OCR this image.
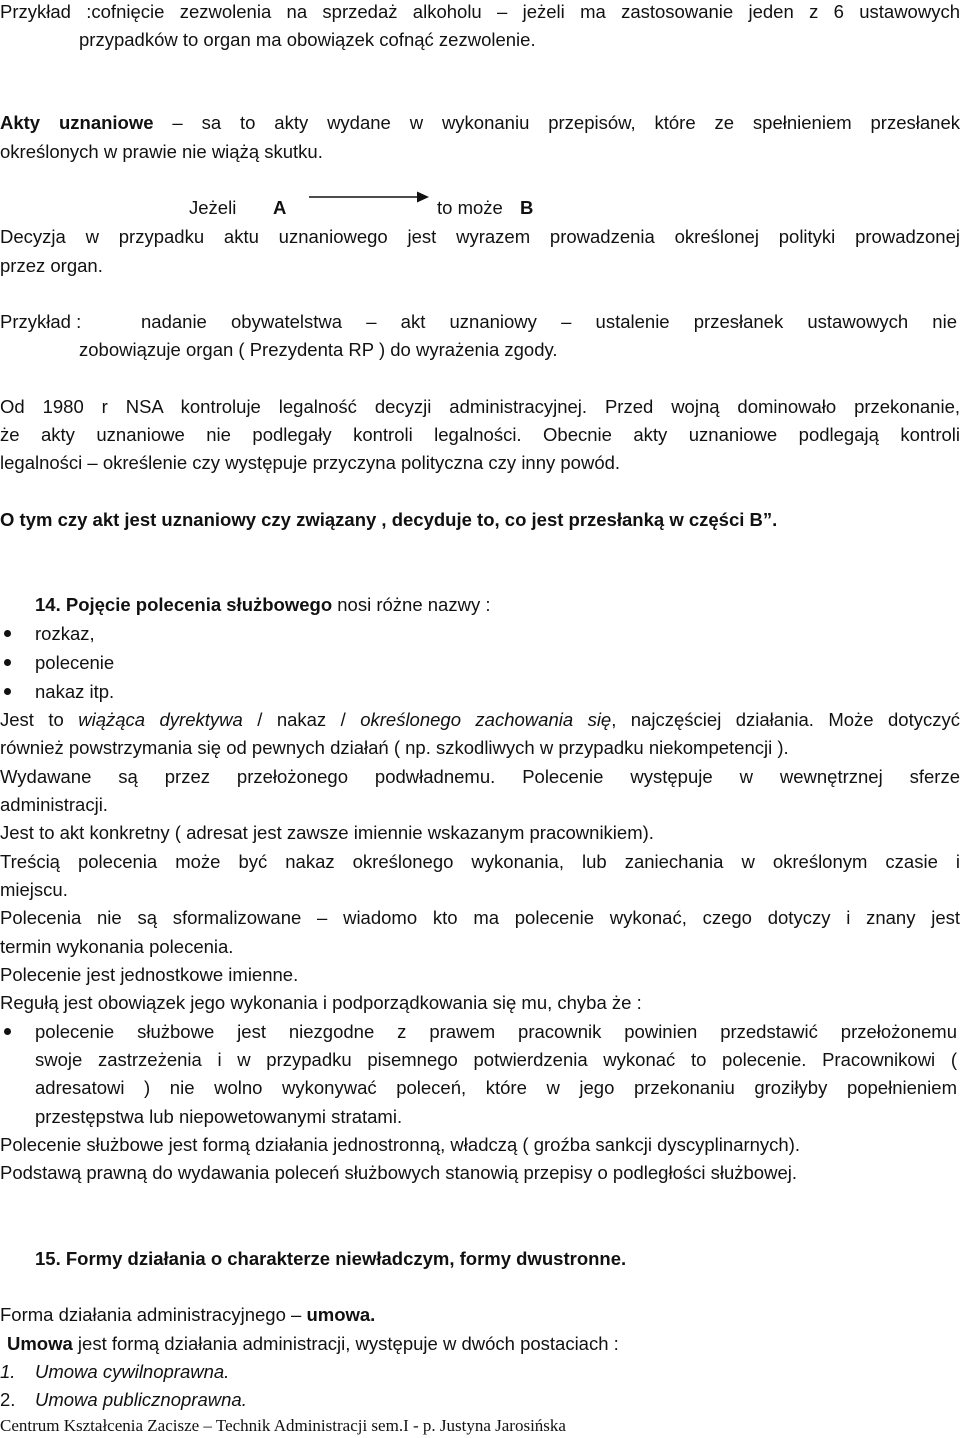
Przykład :cofnięcie zezwolenia na sprzedaż alkoholu – jeżeli ma zastosowanie jeden z 6 ustawowych
przypadków to organ ma obowiązek cofnąć zezwolenie.
Akty uznaniowe – sa to akty wydane w wykonaniu przepisów, które ze spełnieniem przesłanek
określonych w prawie nie wiążą skutku.
Jeżeli A	to może B
Decyzja w przypadku aktu uznaniowego jest wyrazem prowadzenia określonej polityki prowadzonej
przez organ.
Przykład :	nadanie obywatelstwa – akt uznaniowy – ustalenie przesłanek ustawowych nie
zobowiązuje organ ( Prezydenta RP ) do wyrażenia zgody.
Od 1980 r NSA kontroluje legalność decyzji administracyjnej. Przed wojną dominowało przekonanie,
że akty uznaniowe nie podlegały kontroli legalności. Obecnie akty uznaniowe podlegają kontroli
legalności – określenie czy występuje przyczyna polityczna czy inny powód.
O tym czy akt jest uznaniowy czy związany , decyduje to, co jest przesłanką w części B”.
14. Pojęcie polecenia służbowego nosi różne nazwy :
rozkaz,
polecenie
nakaz itp.
Jest to wiążąca dyrektywa / nakaz / określonego zachowania się, najczęściej działania. Może dotyczyć
również powstrzymania się od pewnych działań ( np. szkodliwych w przypadku niekompetencji ).
Wydawane są przez przełożonego podwładnemu. Polecenie występuje w wewnętrznej sferze
administracji.
Jest to akt konkretny ( adresat jest zawsze imiennie wskazanym pracownikiem).
Treścią polecenia może być nakaz określonego wykonania, lub zaniechania w określonym czasie i
miejscu.
Polecenia nie są sformalizowane – wiadomo kto ma polecenie wykonać, czego dotyczy i znany jest
termin wykonania polecenia.
Polecenie jest jednostkowe imienne.
Regułą jest obowiązek jego wykonania i podporządkowania się mu, chyba że :
polecenie służbowe jest niezgodne z prawem pracownik powinien przedstawić przełożonemu
swoje zastrzeżenia i w przypadku pisemnego potwierdzenia wykonać to polecenie. Pracownikowi (
adresatowi ) nie wolno wykonywać poleceń, które w jego przekonaniu groziłyby popełnieniem
przestępstwa lub niepowetowanymi stratami.
Polecenie służbowe jest formą działania jednostronną, władczą ( groźba sankcji dyscyplinarnych).
Podstawą prawną do wydawania poleceń służbowych stanowią przepisy o podległości służbowej.
15. Formy działania o charakterze niewładczym, formy dwustronne.
Forma działania administracyjnego – umowa.
Umowa jest formą działania administracji, występuje w dwóch postaciach :
1. Umowa cywilnoprawna.
2. Umowa publicznoprawna.
Centrum Kształcenia Zacisze – Technik Administracji sem.I - p. Justyna Jarosińska
